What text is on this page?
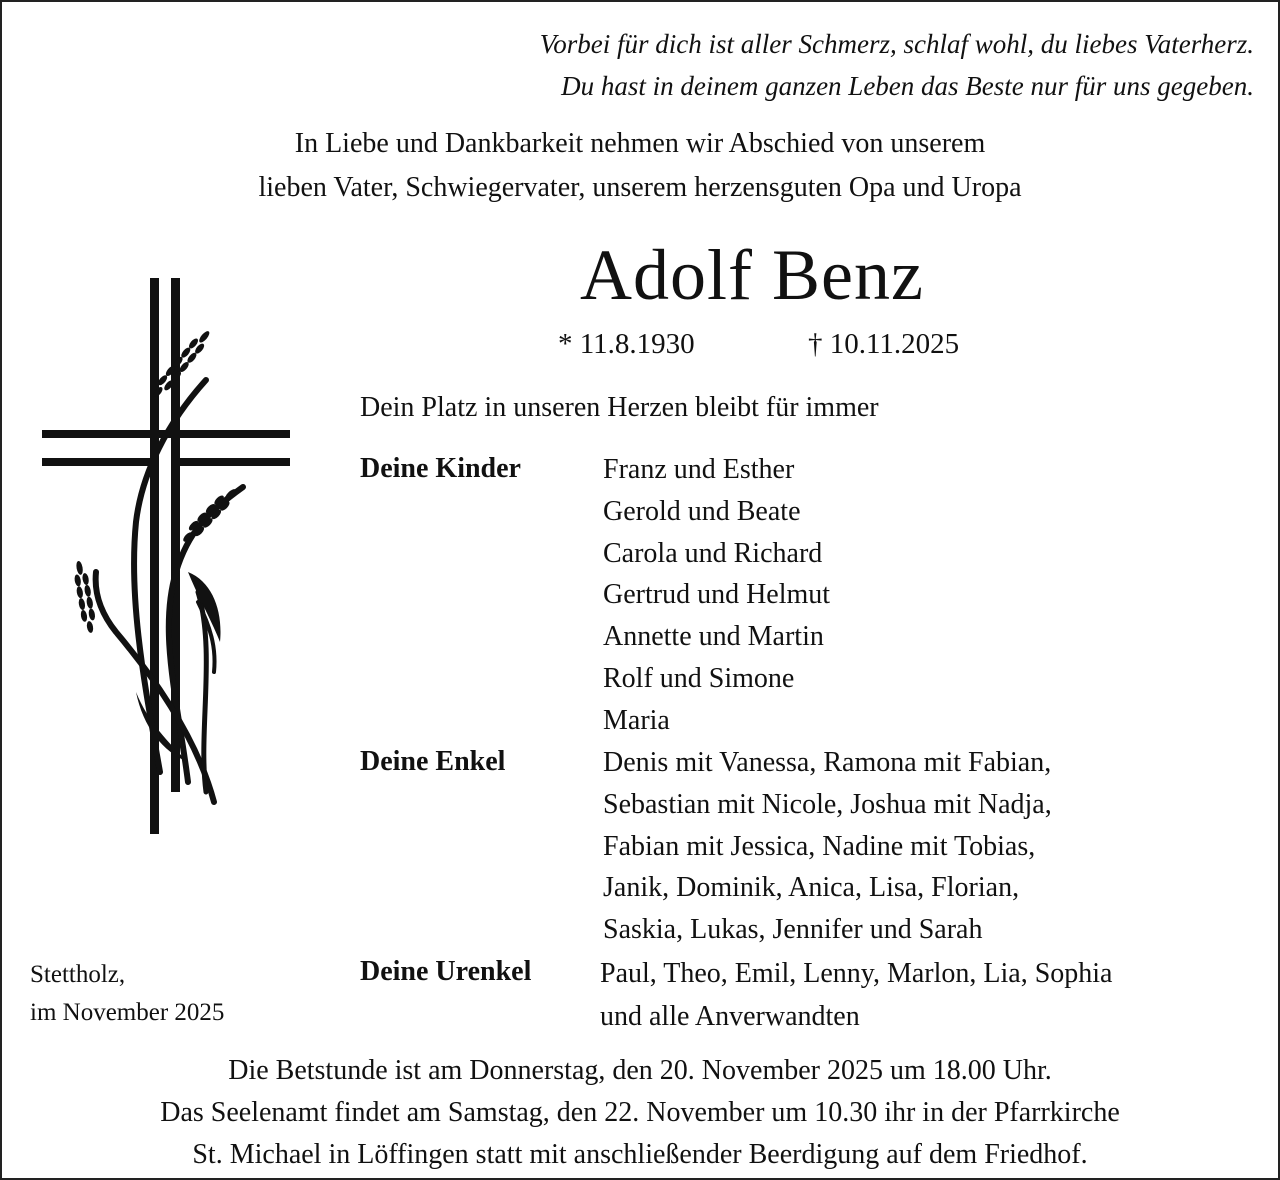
Vorbei für dich ist aller Schmerz, schlaf wohl, du liebes Vaterherz.
Du hast in deinem ganzen Leben das Beste nur für uns gegeben.
In Liebe und Dankbarkeit nehmen wir Abschied von unserem
lieben Vater, Schwiegervater, unserem herzensguten Opa und Uropa
Adolf Benz
* 11.8.1930	† 10.11.2025
Dein Platz in unseren Herzen bleibt für immer
Deine Kinder	Franz und Esther
Gerold und Beate
Carola und Richard
Gertrud und Helmut
Annette und Martin
Rolf und Simone
Maria
Deine Enkel	Denis mit Vanessa, Ramona mit Fabian,
Sebastian mit Nicole, Joshua mit Nadja,
Fabian mit Jessica, Nadine mit Tobias,
Janik, Dominik, Anica, Lisa, Florian,
Saskia, Lukas, Jennifer und Sarah
Deine Urenkel Paul, Theo, Emil, Lenny, Marlon, Lia, Sophia
und alle Anverwandten
Stettholz,
im November 2025
Die Betstunde ist am Donnerstag, den 20. November 2025 um 18.00 Uhr.
Das Seelenamt findet am Samstag, den 22. November um 10.30 ihr in der Pfarrkirche
St. Michael in Löffingen statt mit anschließender Beerdigung auf dem Friedhof.
